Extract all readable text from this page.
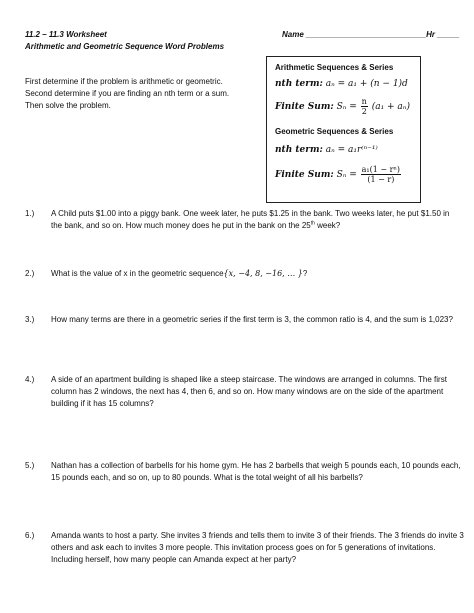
11.2 – 11.3 Worksheet
Arithmetic and Geometric Sequence Word Problems
Name ___________________________Hr _____
First determine if the problem is arithmetic or geometric.
Second determine if you are finding an nth term or a sum.
Then solve the problem.
Arithmetic Sequences & Series
nth term: aₙ = a₁ + (n − 1)d
Finite Sum: $S_n = \frac{n}{2} (a_1 + a_n)$
Geometric Sequences & Series
nth term: aₙ = a₁r⁽ⁿ⁻¹⁾
Finite Sum: $S_n = \frac{\text{a₁(1 − rⁿ)}}{(1 - r)}$
1.) A Child puts $1.00 into a piggy bank. One week later, he puts $1.25 in the bank. Two weeks later, he put $1.50 in
the bank, and so on. How much money does he put in the bank on the 25th week?
2.) What is the value of x in the geometric sequence{x, −4, 8, −16, … }?
3.) How many terms are there in a geometric series if the first term is 3, the common ratio is 4, and the sum is 1,023?
4.) A side of an apartment building is shaped like a steep staircase. The windows are arranged in columns. The first column has 2 windows, the next has 4, then 6, and so on. How many windows are on the side of the apartment building if it has 15 columns?
5.) Nathan has a collection of barbells for his home gym. He has 2 barbells that weigh 5 pounds each, 10 pounds each, 15 pounds each, and so on, up to 80 pounds. What is the total weight of all his barbells?
6.) Amanda wants to host a party. She invites 3 friends and tells them to invite 3 of their friends. The 3 friends do invite 3 others and ask each to invites 3 more people. This invitation process goes on for 5 generations of invitations. Including herself, how many people can Amanda expect at her party?
